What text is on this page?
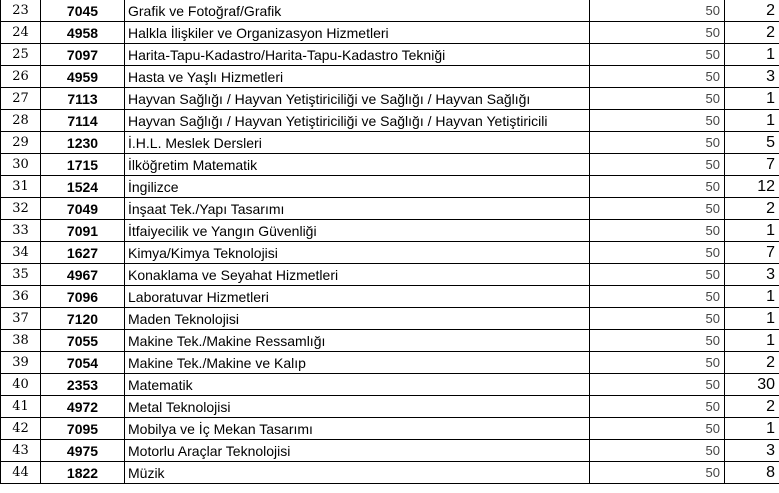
23	7045	Grafik ve Fotoğraf/Grafik	50	2
24	4958	Halkla İlişkiler ve Organizasyon Hizmetleri	50	2
25	7097	Harita-Tapu-Kadastro/Harita-Tapu-Kadastro Tekniği	50	1
26	4959	Hasta ve Yaşlı Hizmetleri	50	3
27	7113	Hayvan Sağlığı / Hayvan Yetiştiriciliği ve Sağlığı / Hayvan Sağlığı	50	1
28	7114	Hayvan Sağlığı / Hayvan Yetiştiriciliği ve Sağlığı / Hayvan Yetiştiricili	50	1
29	1230	İ.H.L. Meslek Dersleri	50	5
30	1715	İlköğretim Matematik	50	7
31	1524	İngilizce	50	12
32	7049	İnşaat Tek./Yapı Tasarımı	50	2
33	7091	İtfaiyecilik ve Yangın Güvenliği	50	1
34	1627	Kimya/Kimya Teknolojisi	50	7
35	4967	Konaklama ve Seyahat Hizmetleri	50	3
36	7096	Laboratuvar Hizmetleri	50	1
37	7120	Maden Teknolojisi	50	1
38	7055	Makine Tek./Makine Ressamlığı	50	1
39	7054	Makine Tek./Makine ve Kalıp	50	2
40	2353	Matematik	50	30
41	4972	Metal Teknolojisi	50	2
42	7095	Mobilya ve İç Mekan Tasarımı	50	1
43	4975	Motorlu Araçlar Teknolojisi	50	3
44	1822	Müzik	50	8
